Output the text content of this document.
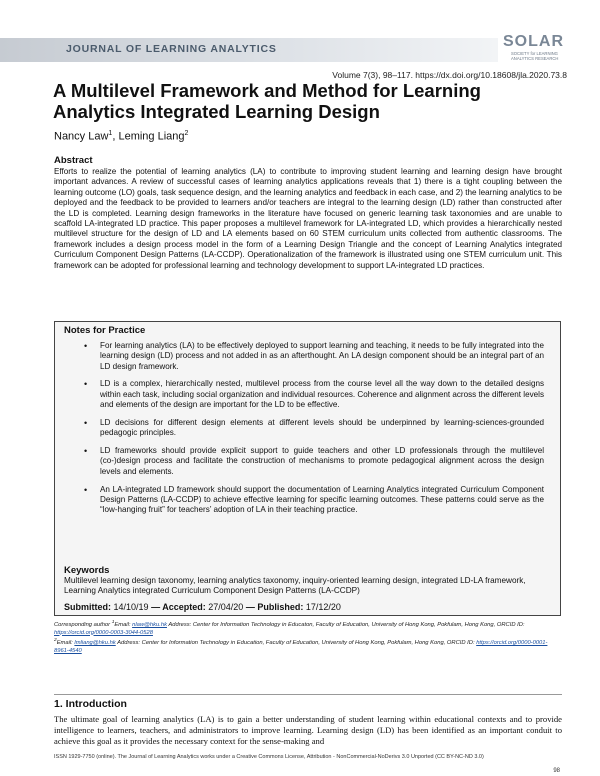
JOURNAL OF LEARNING ANALYTICS	SOLAR
SOCIETY for LEARNING ANALYTICS RESEARCH
Volume 7(3), 98–117. https://dx.doi.org/10.18608/jla.2020.73.8
A Multilevel Framework and Method for Learning Analytics Integrated Learning Design
Nancy Law$^1$, Leming Liang$^2$
Abstract
Efforts to realize the potential of learning analytics (LA) to contribute to improving student learning and learning design have brought important advances. A review of successful cases of learning analytics applications reveals that 1) there is a tight coupling between the learning outcome (LO) goals, task sequence design, and the learning analytics and feedback in each case, and 2) the learning analytics to be deployed and the feedback to be provided to learners and/or teachers are integral to the learning design (LD) rather than constructed after the LD is completed. Learning design frameworks in the literature have focused on generic learning task taxonomies and are unable to scaffold LA-integrated LD practice. This paper proposes a multilevel framework for LA-integrated LD, which provides a hierarchically nested multilevel structure for the design of LD and LA elements based on 60 STEM curriculum units collected from authentic classrooms. The framework includes a design process model in the form of a Learning Design Triangle and the concept of Learning Analytics integrated Curriculum Component Design Patterns (LA-CCDP). Operationalization of the framework is illustrated using one STEM curriculum unit. This framework can be adopted for professional learning and technology development to support LA-integrated LD practices.
Notes for Practice
• For learning analytics (LA) to be effectively deployed to support learning and teaching, it needs to be fully integrated into the learning design (LD) process and not added in as an afterthought. An LA design component should be an integral part of an LD design framework.
• LD is a complex, hierarchically nested, multilevel process from the course level all the way down to the detailed designs within each task, including social organization and individual resources. Coherence and alignment across the different levels and elements of the design are important for the LD to be effective.
• LD decisions for different design elements at different levels should be underpinned by learning-sciences-grounded pedagogic principles.
• LD frameworks should provide explicit support to guide teachers and other LD professionals through the multilevel (co-)design process and facilitate the construction of mechanisms to promote pedagogical alignment across the design levels and elements.
• An LA-integrated LD framework should support the documentation of Learning Analytics integrated Curriculum Component Design Patterns (LA-CCDP) to achieve effective learning for specific learning outcomes. These patterns could serve as the “low-hanging fruit” for teachers’ adoption of LA in their teaching practice.
Keywords
Multilevel learning design taxonomy, learning analytics taxonomy, inquiry-oriented learning design, integrated LD-LA framework, Learning Analytics integrated Curriculum Component Design Patterns (LA-CCDP)
Submitted: 14/10/19 — Accepted: 27/04/20 — Published: 17/12/20
Corresponding author $^1$Email: nlaw@hku.hk Address: Center for Information Technology in Educaton, Faculty of Education, University of Hong Kong, Pokfulam, Hong Kong, ORCID ID: https://orcid.org/0000-0003-3044-0528
$^2$Email: lmliang@hku.hk Address: Center for Information Technology in Education, Faculty of Education, University of Hong Kong, Pokfulam, Hong Kong, ORCID ID: https://orcid.org/0000-0001-8961-4540
1. Introduction
The ultimate goal of learning analytics (LA) is to gain a better understanding of student learning within educational contexts and to provide intelligence to learners, teachers, and administrators to improve learning. Learning design (LD) has been identified as an important conduit to achieve this goal as it provides the necessary context for the sense-making and
ISSN 1929-7750 (online). The Journal of Learning Analytics works under a Creative Commons License, Attribution - NonCommercial-NoDerivs 3.0 Unported (CC BY-NC-ND 3.0)
98
